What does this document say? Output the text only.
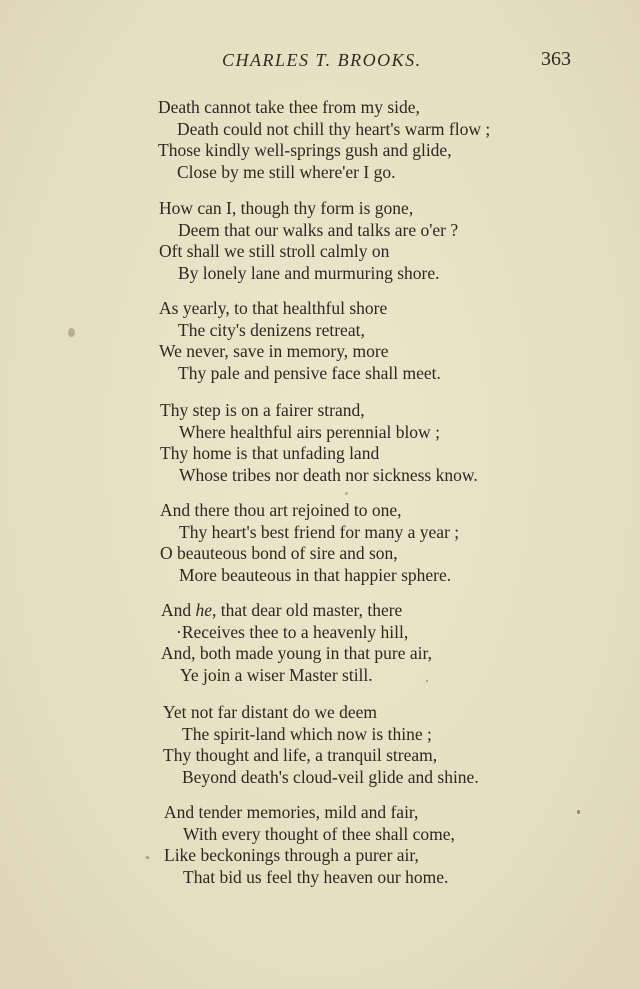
CHARLES T. BROOKS.	363
Death cannot take thee from my side,
Death could not chill thy heart's warm flow ;
Those kindly well-springs gush and glide,
Close by me still where'er I go.
How can I, though thy form is gone,
Deem that our walks and talks are o'er ?
Oft shall we still stroll calmly on
By lonely lane and murmuring shore.
As yearly, to that healthful shore
The city's denizens retreat,
We never, save in memory, more
Thy pale and pensive face shall meet.
Thy step is on a fairer strand,
Where healthful airs perennial blow ;
Thy home is that unfading land
Whose tribes nor death nor sickness know.
And there thou art rejoined to one,
Thy heart's best friend for many a year ;
O beauteous bond of sire and son,
More beauteous in that happier sphere.
And he, that dear old master, there
·Receives thee to a heavenly hill,
And, both made young in that pure air,
Ye join a wiser Master still.
Yet not far distant do we deem
The spirit-land which now is thine ;
Thy thought and life, a tranquil stream,
Beyond death's cloud-veil glide and shine.
And tender memories, mild and fair,
With every thought of thee shall come,
Like beckonings through a purer air,
That bid us feel thy heaven our home.
